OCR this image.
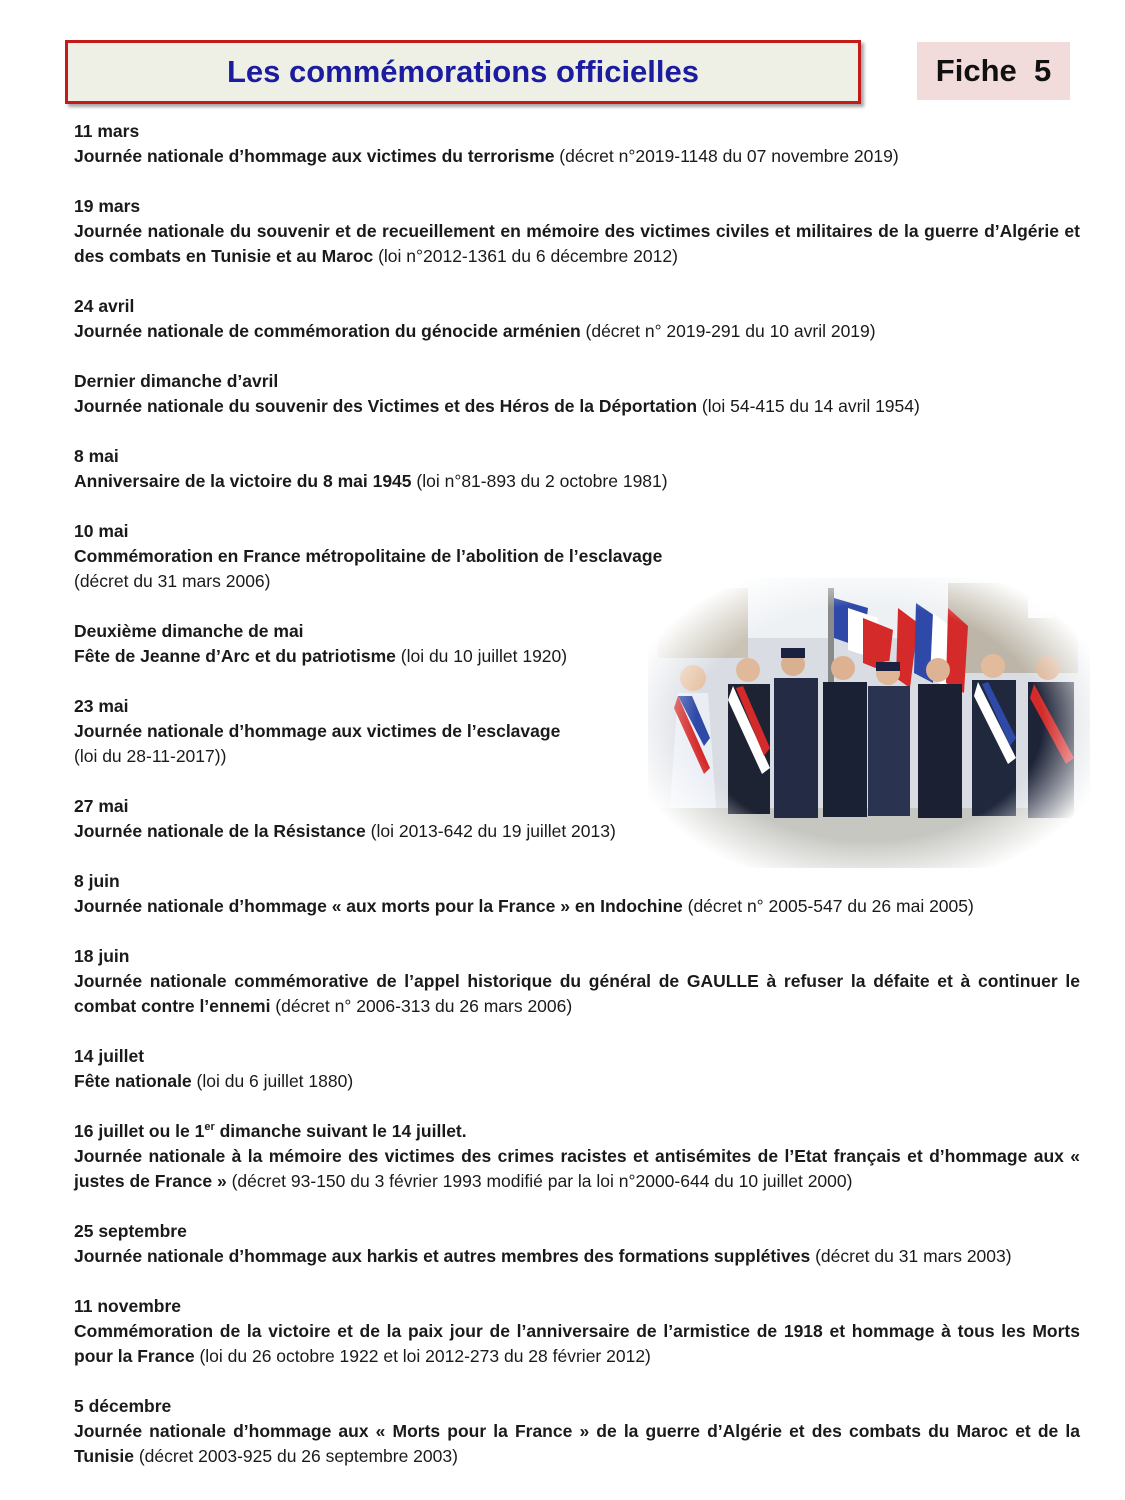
Les commémorations officielles	Fiche  5
11 mars
Journée nationale d’hommage aux victimes du terrorisme (décret n°2019-1148 du 07 novembre 2019)
19 mars
Journée nationale du souvenir et de recueillement en mémoire des victimes civiles et militaires de la guerre d’Algérie et des combats en Tunisie et au Maroc (loi n°2012-1361 du 6 décembre 2012)
24 avril
Journée nationale de commémoration du génocide arménien (décret n° 2019-291 du 10 avril 2019)
Dernier dimanche d’avril
Journée nationale du souvenir des Victimes et des Héros de la Déportation (loi 54-415 du 14 avril 1954)
8 mai
Anniversaire de la victoire du 8 mai 1945 (loi n°81-893 du 2 octobre 1981)
10 mai
Commémoration en France métropolitaine de l’abolition de l’esclavage
(décret du 31 mars 2006)
Deuxième dimanche de mai
Fête de Jeanne d’Arc et du patriotisme (loi du 10 juillet 1920)
23 mai
Journée nationale d’hommage aux victimes de l’esclavage
(loi du 28-11-2017))
27 mai
Journée nationale de la Résistance (loi 2013-642 du 19 juillet 2013)
8 juin
Journée nationale d’hommage « aux morts pour la France » en Indochine (décret n° 2005-547 du 26 mai 2005)
18 juin
Journée nationale commémorative de l’appel historique du général de GAULLE à refuser la défaite et à continuer le combat contre l’ennemi (décret n° 2006-313 du 26 mars 2006)
14 juillet
Fête nationale (loi du 6 juillet 1880)
16 juillet ou le 1er dimanche suivant le 14 juillet.
Journée nationale à la mémoire des victimes des crimes racistes et antisémites de l’Etat français et d’hommage aux « justes de France » (décret 93-150 du 3 février 1993 modifié par la loi n°2000-644 du 10 juillet 2000)
25 septembre
Journée nationale d’hommage aux harkis et autres membres des formations supplétives (décret du 31 mars 2003)
11 novembre
Commémoration de la victoire et de la paix jour de l’anniversaire de l’armistice de 1918 et hommage à tous les Morts pour la France (loi du 26 octobre 1922 et loi 2012-273 du 28 février 2012)
5 décembre
Journée nationale d’hommage aux « Morts pour la France » de la guerre d’Algérie et des combats du Maroc et de la Tunisie (décret 2003-925 du 26 septembre 2003)
